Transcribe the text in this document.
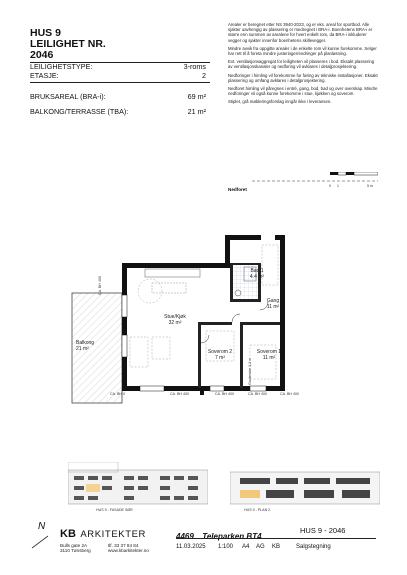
HUS 9
LEILIGHET NR.
2046
LEILIGHETSTYPE:	3-roms
ETASJE:	2
BRUKSAREAL (BRA-i):	69 m²
BALKONG/TERRASSE (TBA):	21 m²

Arealer er beregnet etter NS 3940-2023, og er eks. areal for sportbod. Alle sjakter uavhengig av plassering er medregnet i BRA-i. Boenhetens BRA-i er større enn summen av arealene for hvert enkelt rom, da BRA-i inkluderer vegger og sjakter innenfor boenhetens skillevegger.

Mindre avvik fra oppgitte arealer i de enkelte rom vil kunne forekomme. Selger har rett til å foreta mindre justeringer/endringer på planløsning.

Evt. ventilasjonsaggregat for leiligheten vil plasseres i bod. Eksakt plassering av ventilasjonskanaler og nedforing vil avklares i detaljprosjektering.

Nedforinger i himling vil forekomme for føring av tekniske installasjoner. Eksakt plassering og omfang avklares i detaljprosjektering.

Nedforet himling vil påregnes i entré, gang, bod, bad og over overskap. Mindre nedforinger vil også kunne forekomme i stue, kjøkken og soverom.

Stiplet, grå møbleringsforslag inngår ikke i leveransen.

Nedforet
0 1	5 m
Bad 1
4.4 m²
Gang
11 m²
Stue/Kjøk
32 m²
Soverom 2
7 m²
Soverom 1
11 m²
Balkong
21 m²
CA. BH 0	CA. BH 400	CA. BH 400	CA. BH 400	CA. BH 400
CA. BH 400
Garderobe 1,2 m
HUS 9 - FASADE SØR	HUS 9 - PLAN 2
N
KB ARKITEKTER
Bulls gate 2A
3110 Tønsberg
tlf. 33 37 84 84
www.kbarkitekter.no
4469 Teleparken BT4
HUS 9 - 2046
11.03.2025 1:100 A4 AG KB	Salgstegning
